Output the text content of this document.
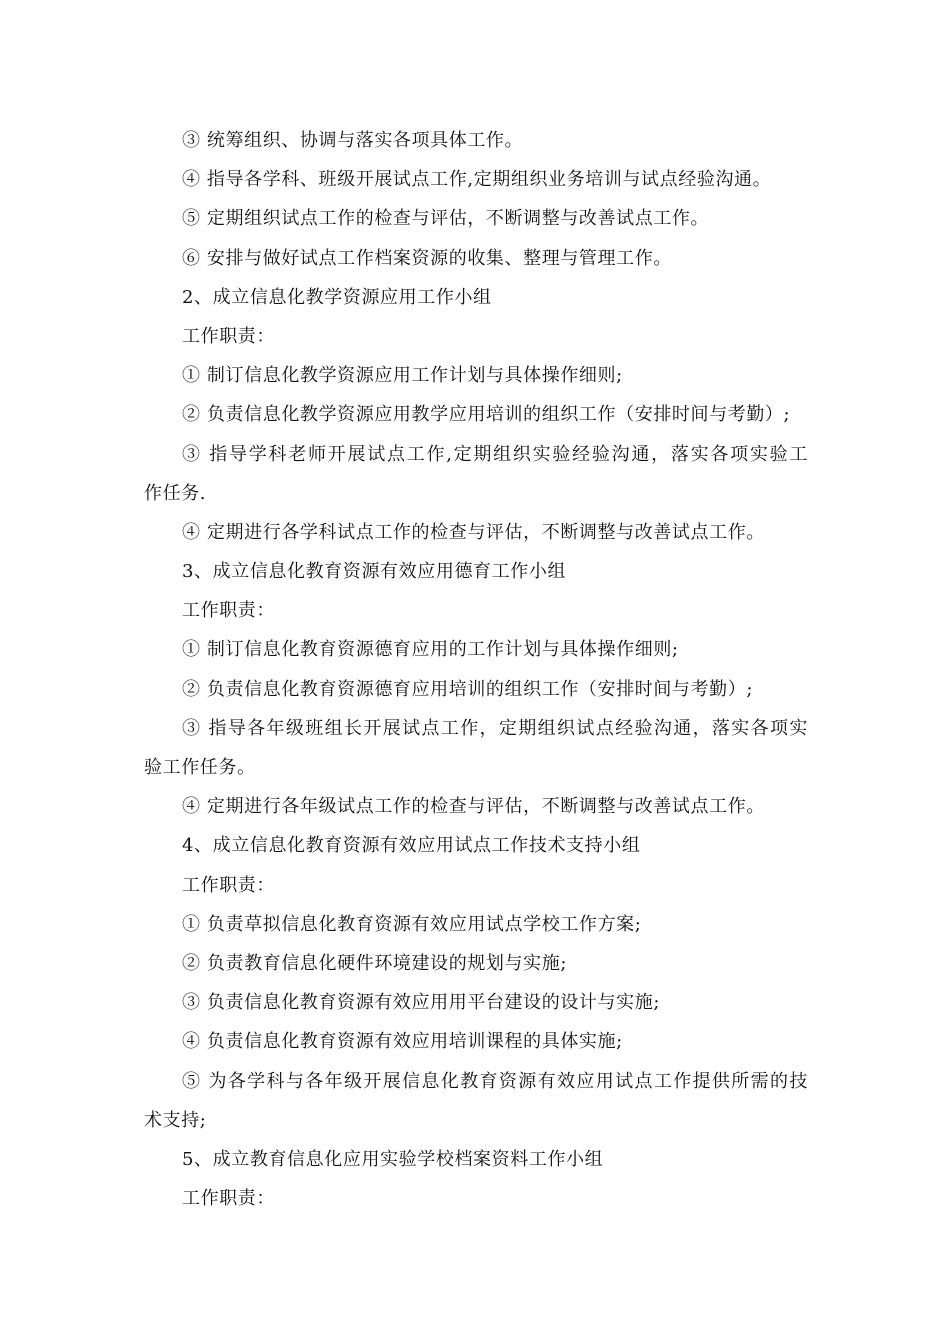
③ 统筹组织、协调与落实各项具体工作。
④ 指导各学科、班级开展试点工作,定期组织业务培训与试点经验沟通。
⑤ 定期组织试点工作的检查与评估，不断调整与改善试点工作。
⑥ 安排与做好试点工作档案资源的收集、整理与管理工作。
2、成立信息化教学资源应用工作小组
工作职责：
① 制订信息化教学资源应用工作计划与具体操作细则;
② 负责信息化教学资源应用教学应用培训的组织工作（安排时间与考勤）;
③ 指导学科老师开展试点工作,定期组织实验经验沟通，落实各项实验工
作任务.
④ 定期进行各学科试点工作的检查与评估，不断调整与改善试点工作。
3、成立信息化教育资源有效应用德育工作小组
工作职责：
① 制订信息化教育资源德育应用的工作计划与具体操作细则;
② 负责信息化教育资源德育应用培训的组织工作（安排时间与考勤）;
③ 指导各年级班组长开展试点工作，定期组织试点经验沟通，落实各项实
验工作任务。
④ 定期进行各年级试点工作的检查与评估，不断调整与改善试点工作。
4、成立信息化教育资源有效应用试点工作技术支持小组
工作职责：
① 负责草拟信息化教育资源有效应用试点学校工作方案;
② 负责教育信息化硬件环境建设的规划与实施;
③ 负责信息化教育资源有效应用用平台建设的设计与实施;
④ 负责信息化教育资源有效应用培训课程的具体实施;
⑤ 为各学科与各年级开展信息化教育资源有效应用试点工作提供所需的技
术支持;
5、成立教育信息化应用实验学校档案资料工作小组
工作职责：
